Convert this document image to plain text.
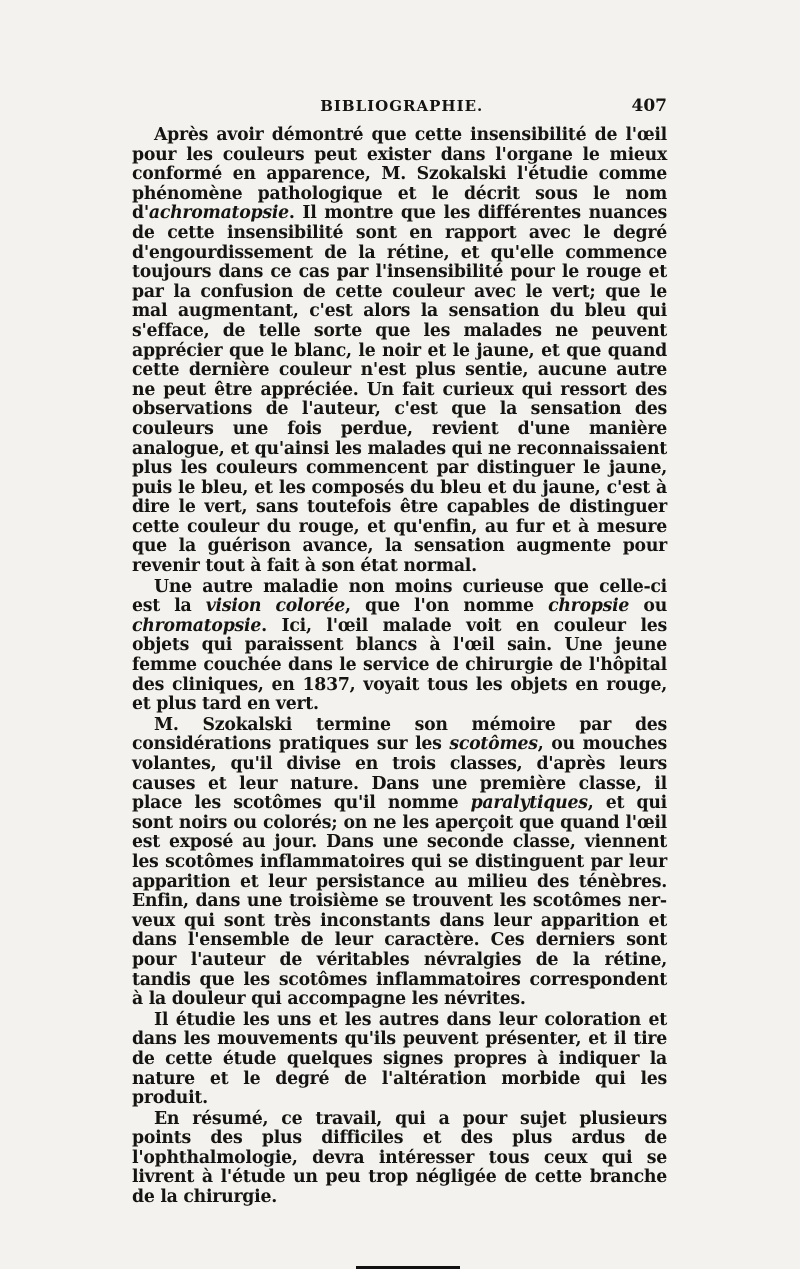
BIBLIOGRAPHIE.	407

Après avoir démontré que cette insensibilité de l'œil pour les couleurs peut exister dans l'organe le mieux conformé en apparence, M. Szokalski l'étudie comme phénomène pathologique et le décrit sous le nom d'achromatopsie. Il montre que les différentes nuances de cette insensibilité sont en rapport avec le degré d'engourdissement de la rétine, et qu'elle commence toujours dans ce cas par l'insensibilité pour le rouge et par la confusion de cette couleur avec le vert; que le mal augmentant, c'est alors la sensation du bleu qui s'efface, de telle sorte que les malades ne peuvent apprécier que le blanc, le noir et le jaune, et que quand cette dernière couleur n'est plus sentie, aucune autre ne peut être appréciée. Un fait curieux qui ressort des observations de l'auteur, c'est que la sensation des couleurs une fois perdue, revient d'une manière analogue, et qu'ainsi les malades qui ne reconnaissaient plus les couleurs commencent par distinguer le jaune, puis le bleu, et les composés du bleu et du jaune, c'est à dire le vert, sans toutefois être capables de distinguer cette couleur du rouge, et qu'enfin, au fur et à mesure que la guérison avance, la sensation augmente pour revenir tout à fait à son état normal.

Une autre maladie non moins curieuse que celle-ci est la vision colorée, que l'on nomme chropsie ou chromatopsie. Ici, l'œil malade voit en couleur les objets qui paraissent blancs à l'œil sain. Une jeune femme couchée dans le service de chirurgie de l'hôpital des cliniques, en 1837, voyait tous les objets en rouge, et plus tard en vert.

M. Szokalski termine son mémoire par des considérations pratiques sur les scotômes, ou mouches volantes, qu'il divise en trois classes, d'après leurs causes et leur nature. Dans une première classe, il place les scotômes qu'il nomme paralytiques, et qui sont noirs ou colorés; on ne les aperçoit que quand l'œil est exposé au jour. Dans une seconde classe, viennent les scotômes inflammatoires qui se distinguent par leur apparition et leur persistance au milieu des ténèbres. Enfin, dans une troisième se trouvent les scotômes nerveux qui sont très inconstants dans leur apparition et dans l'ensemble de leur caractère. Ces derniers sont pour l'auteur de véritables névralgies de la rétine, tandis que les scotômes inflammatoires correspondent à la douleur qui accompagne les névrites.

Il étudie les uns et les autres dans leur coloration et dans les mouvements qu'ils peuvent présenter, et il tire de cette étude quelques signes propres à indiquer la nature et le degré de l'altération morbide qui les produit.

En résumé, ce travail, qui a pour sujet plusieurs points des plus difficiles et des plus ardus de l'ophthalmologie, devra intéresser tous ceux qui se livrent à l'étude un peu trop négligée de cette branche de la chirurgie.
